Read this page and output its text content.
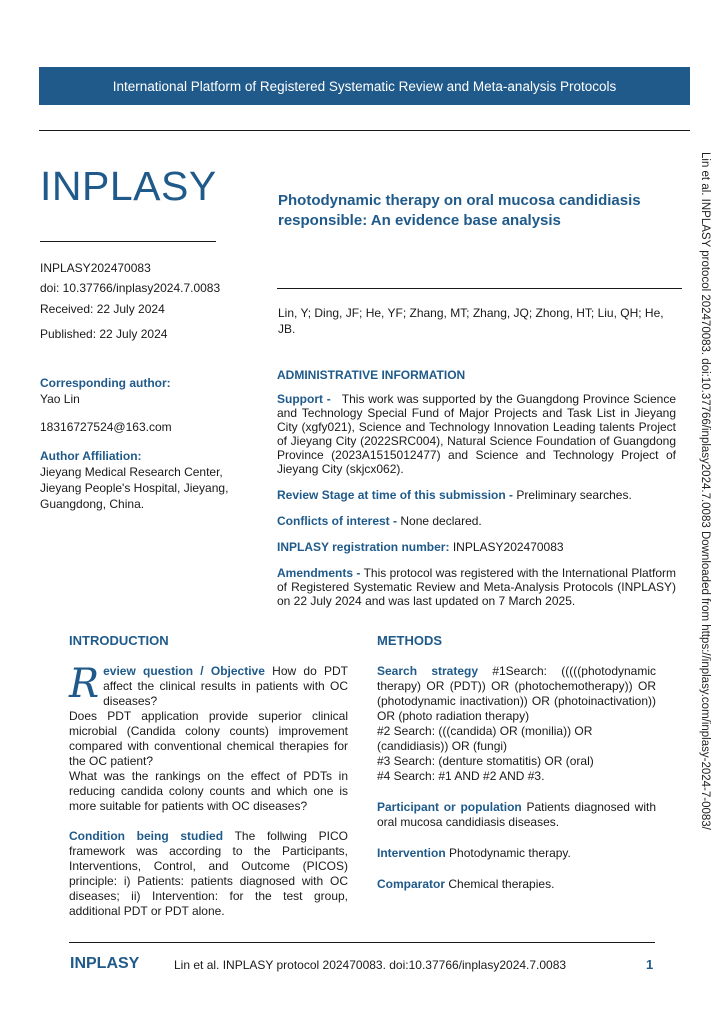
International Platform of Registered Systematic Review and Meta-analysis Protocols
INPLASY
INPLASY202470083
doi: 10.37766/inplasy2024.7.0083
Received: 22 July 2024
Published: 22 July 2024
Corresponding author:
Yao Lin
18316727524@163.com
Author Affiliation:
Jieyang Medical Research Center, Jieyang People's Hospital, Jieyang, Guangdong, China.
Photodynamic therapy on oral mucosa candidiasis responsible: An evidence base analysis
Lin, Y; Ding, JF; He, YF; Zhang, MT; Zhang, JQ; Zhong, HT; Liu, QH; He, JB.
ADMINISTRATIVE INFORMATION

Support - This work was supported by the Guangdong Province Science and Technology Special Fund of Major Projects and Task List in Jieyang City (xgfy021), Science and Technology Innovation Leading talents Project of Jieyang City (2022SRC004), Natural Science Foundation of Guangdong Province (2023A1515012477) and Science and Technology Project of Jieyang City (skjcx062).

Review Stage at time of this submission - Preliminary searches.

Conflicts of interest - None declared.

INPLASY registration number: INPLASY202470083

Amendments - This protocol was registered with the International Platform of Registered Systematic Review and Meta-Analysis Protocols (INPLASY) on 22 July 2024 and was last updated on 7 March 2025.

INTRODUCTION

Review question / Objective How do PDT affect the clinical results in patients with OC diseases?

Does PDT application provide superior clinical microbial (Candida colony counts) improvement compared with conventional chemical therapies for the OC patient?

What was the rankings on the effect of PDTs in reducing candida colony counts and which one is more suitable for patients with OC diseases?

Condition being studied The follwing PICO framework was according to the Participants, Interventions, Control, and Outcome (PICOS) principle: i) Patients: patients diagnosed with OC diseases; ii) Intervention: for the test group, additional PDT or PDT alone.

METHODS

Search strategy #1Search: (((((photodynamic therapy) OR (PDT)) OR (photochemotherapy)) OR (photodynamic inactivation)) OR (photoinactivation)) OR (photo radiation therapy)

#2 Search: (((candida) OR (monilia)) OR (candidiasis)) OR (fungi)

#3 Search: (denture stomatitis) OR (oral)

#4 Search: #1 AND #2 AND #3.

Participant or population Patients diagnosed with oral mucosa candidiasis diseases.

Intervention Photodynamic therapy.

Comparator Chemical therapies.

Lin et al. INPLASY protocol 202470083. doi:10.37766/inplasy2024.7.0083 Downloaded from https://inplasy.com/inplasy-2024-7-0083/
INPLASY	Lin et al. INPLASY protocol 202470083. doi:10.37766/inplasy2024.7.0083	1
